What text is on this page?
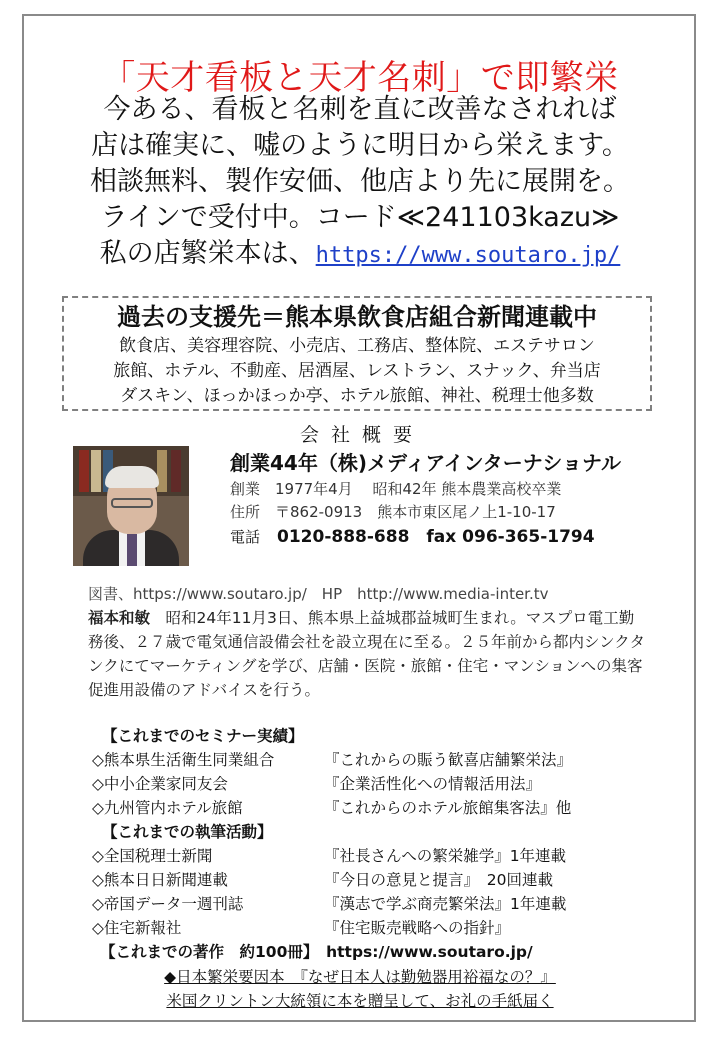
「天才看板と天才名刺」で即繁栄
今ある、看板と名刺を直に改善なされれば
店は確実に、嘘のように明日から栄えます。
相談無料、製作安価、他店より先に展開を。
ラインで受付中。コード≪241103kazu≫
私の店繁栄本は、https://www.soutaro.jp/
過去の支援先＝熊本県飲食店組合新聞連載中
飲食店、美容理容院、小売店、工務店、整体院、エステサロン
旅館、ホテル、不動産、居酒屋、レストラン、スナック、弁当店
ダスキン、ほっかほっか亭、ホテル旅館、神社、税理士他多数
会社概要
創業44年（株)メディアインターナショナル
創業　1977年4月　 昭和42年 熊本農業高校卒業
住所　〒862-0913　熊本市東区尾ノ上1-10-17
電話　 0120-888-688　fax 096-365-1794
図書、https://www.soutaro.jp/　HP　http://www.media-inter.tv
福本和敏　 昭和24年11月3日、熊本県上益城郡益城町生まれ。マスプロ電工勤務後、２７歳で電気通信設備会社を設立現在に至る。２５年前から都内シンクタンクにてマーケティングを学び、店舗・医院・旅館・住宅・マンションへの集客促進用設備のアドバイスを行う。
【これまでのセミナー実績】
◇熊本県生活衛生同業組合	『これからの賑う歓喜店舗繁栄法』
◇中小企業家同友会	『企業活性化への情報活用法』
◇九州管内ホテル旅館	『これからのホテル旅館集客法』他
【これまでの執筆活動】
◇全国税理士新聞	『社長さんへの繁栄雑学』1年連載
◇熊本日日新聞連載	『今日の意見と提言』　20回連載
◇帝国データ一週刊誌	『漢志で学ぶ商売繁栄法』1年連載
◇住宅新報社	『住宅販売戦略への指針』
【これまでの著作　約100冊】　https://www.soutaro.jp/
◆日本繁栄要因本　『なぜ日本人は勤勉器用裕福なの？』
米国クリントン大統領に本を贈呈して、お礼の手紙届く
